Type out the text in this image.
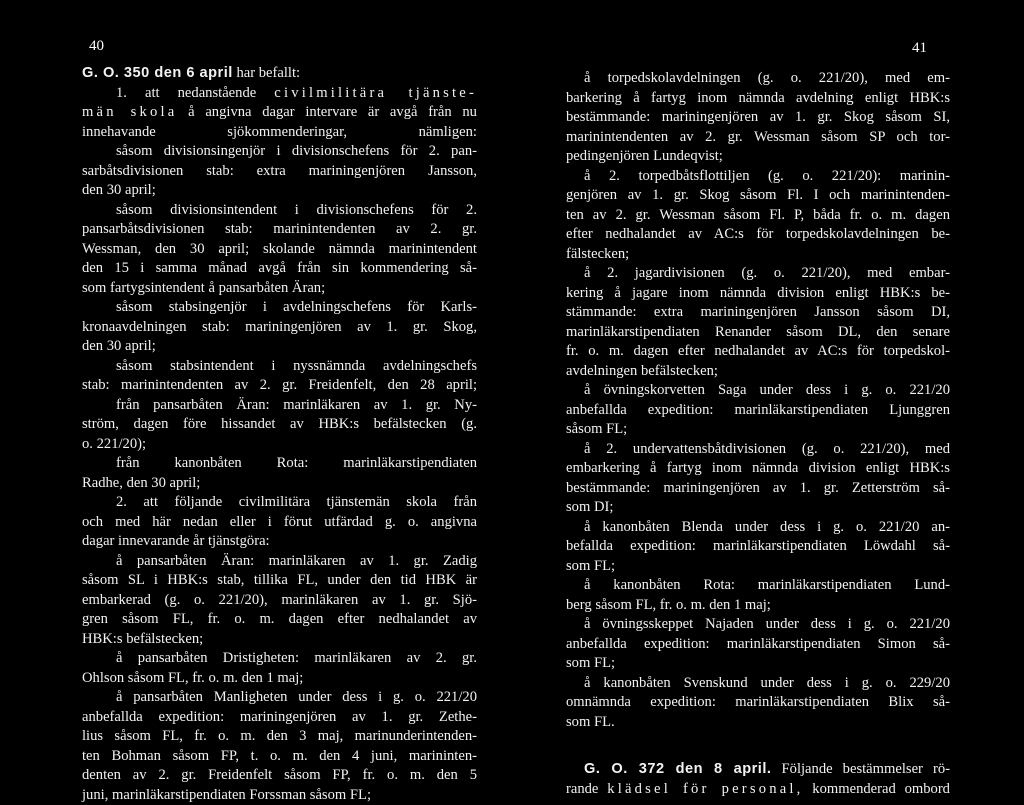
40
G. O. 350 den 6 april har befallt:
1. att nedanstående civilmilitära tjänste-
män skola å angivna dagar intervare är avgå från nu
innehavande sjökommenderingar, nämligen:
såsom divisionsingenjör i divisionschefens för 2. pan-
sarbåtsdivisionen stab: extra mariningenjören Jansson,
den 30 april;
såsom divisionsintendent i divisionschefens för 2.
pansarbåtsdivisionen stab: marinintendenten av 2. gr.
Wessman, den 30 april; skolande nämnda marinintendent
den 15 i samma månad avgå från sin kommendering så-
som fartygsintendent å pansarbåten Äran;
såsom stabsingenjör i avdelningschefens för Karls-
kronaavdelningen stab: mariningenjören av 1. gr. Skog,
den 30 april;
såsom stabsintendent i nyssnämnda avdelningschefs
stab: marinintendenten av 2. gr. Freidenfelt, den 28 april;
från pansarbåten Äran: marinläkaren av 1. gr. Ny-
ström, dagen före hissandet av HBK:s befälstecken (g.
o. 221/20);
från kanonbåten Rota: marinläkarstipendiaten
Radhe, den 30 april;
2. att följande civilmilitära tjänstemän skola från
och med här nedan eller i förut utfärdad g. o. angivna
dagar innevarande år tjänstgöra:
å pansarbåten Äran: marinläkaren av 1. gr. Zadig
såsom SL i HBK:s stab, tillika FL, under den tid HBK är
embarkerad (g. o. 221/20), marinläkaren av 1. gr. Sjö-
gren såsom FL, fr. o. m. dagen efter nedhalandet av
HBK:s befälstecken;
å pansarbåten Dristigheten: marinläkaren av 2. gr.
Ohlson såsom FL, fr. o. m. den 1 maj;
å pansarbåten Manligheten under dess i g. o. 221/20
anbefallda expedition: mariningenjören av 1. gr. Zethe-
lius såsom FL, fr. o. m. den 3 maj, marinunderintenden-
ten Bohman såsom FP, t. o. m. den 4 juni, marininten-
denten av 2. gr. Freidenfelt såsom FP, fr. o. m. den 5
juni, marinläkarstipendiaten Forssman såsom FL;
41
å torpedskolavdelningen (g. o. 221/20), med em-
barkering å fartyg inom nämnda avdelning enligt HBK:s
bestämmande: mariningenjören av 1. gr. Skog såsom SI,
marinintendenten av 2. gr. Wessman såsom SP och tor-
pedingenjören Lundeqvist;
å 2. torpedbåtsflottiljen (g. o. 221/20): marinin-
genjören av 1. gr. Skog såsom Fl. I och marinintenden-
ten av 2. gr. Wessman såsom Fl. P, båda fr. o. m. dagen
efter nedhalandet av AC:s för torpedskolavdelningen be-
fälstecken;
å 2. jagardivisionen (g. o. 221/20), med embar-
kering å jagare inom nämnda division enligt HBK:s be-
stämmande: extra mariningenjören Jansson såsom DI,
marinläkarstipendiaten Renander såsom DL, den senare
fr. o. m. dagen efter nedhalandet av AC:s för torpedskol-
avdelningen befälstecken;
å övningskorvetten Saga under dess i g. o. 221/20
anbefallda expedition: marinläkarstipendiaten Ljunggren
såsom FL;
å 2. undervattensbåtdivisionen (g. o. 221/20), med
embarkering å fartyg inom nämnda division enligt HBK:s
bestämmande: mariningenjören av 1. gr. Zetterström så-
som DI;
å kanonbåten Blenda under dess i g. o. 221/20 an-
befallda expedition: marinläkarstipendiaten Löwdahl så-
som FL;
å kanonbåten Rota: marinläkarstipendiaten Lund-
berg såsom FL, fr. o. m. den 1 maj;
å övningsskeppet Najaden under dess i g. o. 221/20
anbefallda expedition: marinläkarstipendiaten Simon så-
som FL;
å kanonbåten Svenskund under dess i g. o. 229/20
omnämnda expedition: marinläkarstipendiaten Blix så-
som FL.
G. O. 372 den 8 april. Följande bestämmelser rö-
rande klädsel för personal, kommenderad ombord
